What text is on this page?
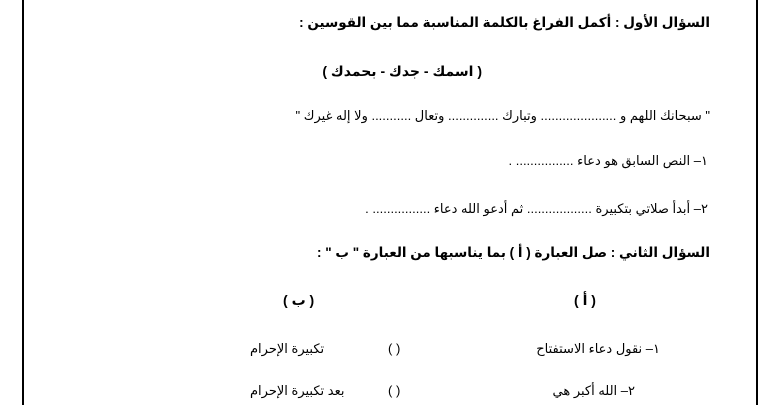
السؤال الأول : أكمل الفراغ بالكلمة المناسبة مما بين القوسين :
( اسمك - جدك - بحمدك )
" سبحانك اللهم و ..................... وتبارك .............. وتعال ........... ولا إله غيرك "
١– النص السابق هو دعاء ................ .
٢– أبدأ صلاتي بتكبيرة .................. ثم أدعو الله دعاء ................ .
السؤال الثاني : صل العبارة ( أ ) بما يناسبها من العبارة " ب " :
( ب )	( أ )
١– نقول دعاء الاستفتاح
( )
تكبيرة الإحرام
٢– الله أكبر هي
( )
بعد تكبيرة الإحرام
